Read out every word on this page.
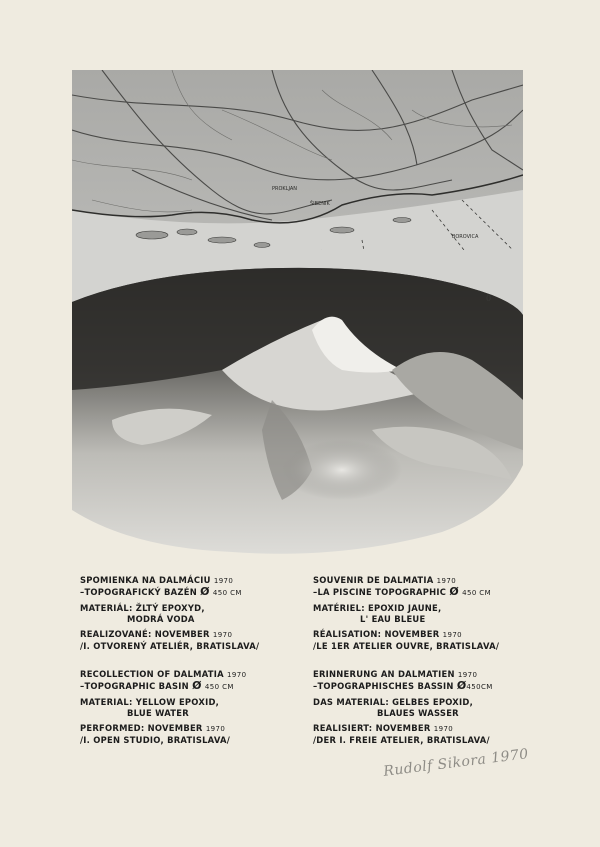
PROKLJAN
ŠIBENIK
BOROVICA
0
SPOMIENKA NA DALMÁCIU 1970
–TOPOGRAFICKÝ BAZÉN Ø 450 CM
MATERIÁL: ŽLTÝ EPOXYD,
MODRÁ VODA
REALIZOVANÉ: NOVEMBER 1970
/I. OTVORENÝ ATELIÉR, BRATISLAVA/
SOUVENIR DE DALMATIA 1970
–LA PISCINE TOPOGRAPHIC Ø 450 CM
MATÉRIEL: EPOXID JAUNE,
L' EAU BLEUE
RÉALISATION: NOVEMBER 1970
/LE 1ER ATELIER OUVRE, BRATISLAVA/
RECOLLECTION OF DALMATIA 1970
–TOPOGRAPHIC BASIN Ø 450 CM
MATERIAL: YELLOW EPOXID,
BLUE WATER
PERFORMED: NOVEMBER 1970
/I. OPEN STUDIO, BRATISLAVA/
ERINNERUNG AN DALMATIEN 1970
–TOPOGRAPHISCHES BASSIN Ø450CM
DAS MATERIAL: GELBES EPOXID,
BLAUES WASSER
REALISIERT: NOVEMBER 1970
/DER I. FREIE ATELIER, BRATISLAVA/
Rudolf Sikora 1970
